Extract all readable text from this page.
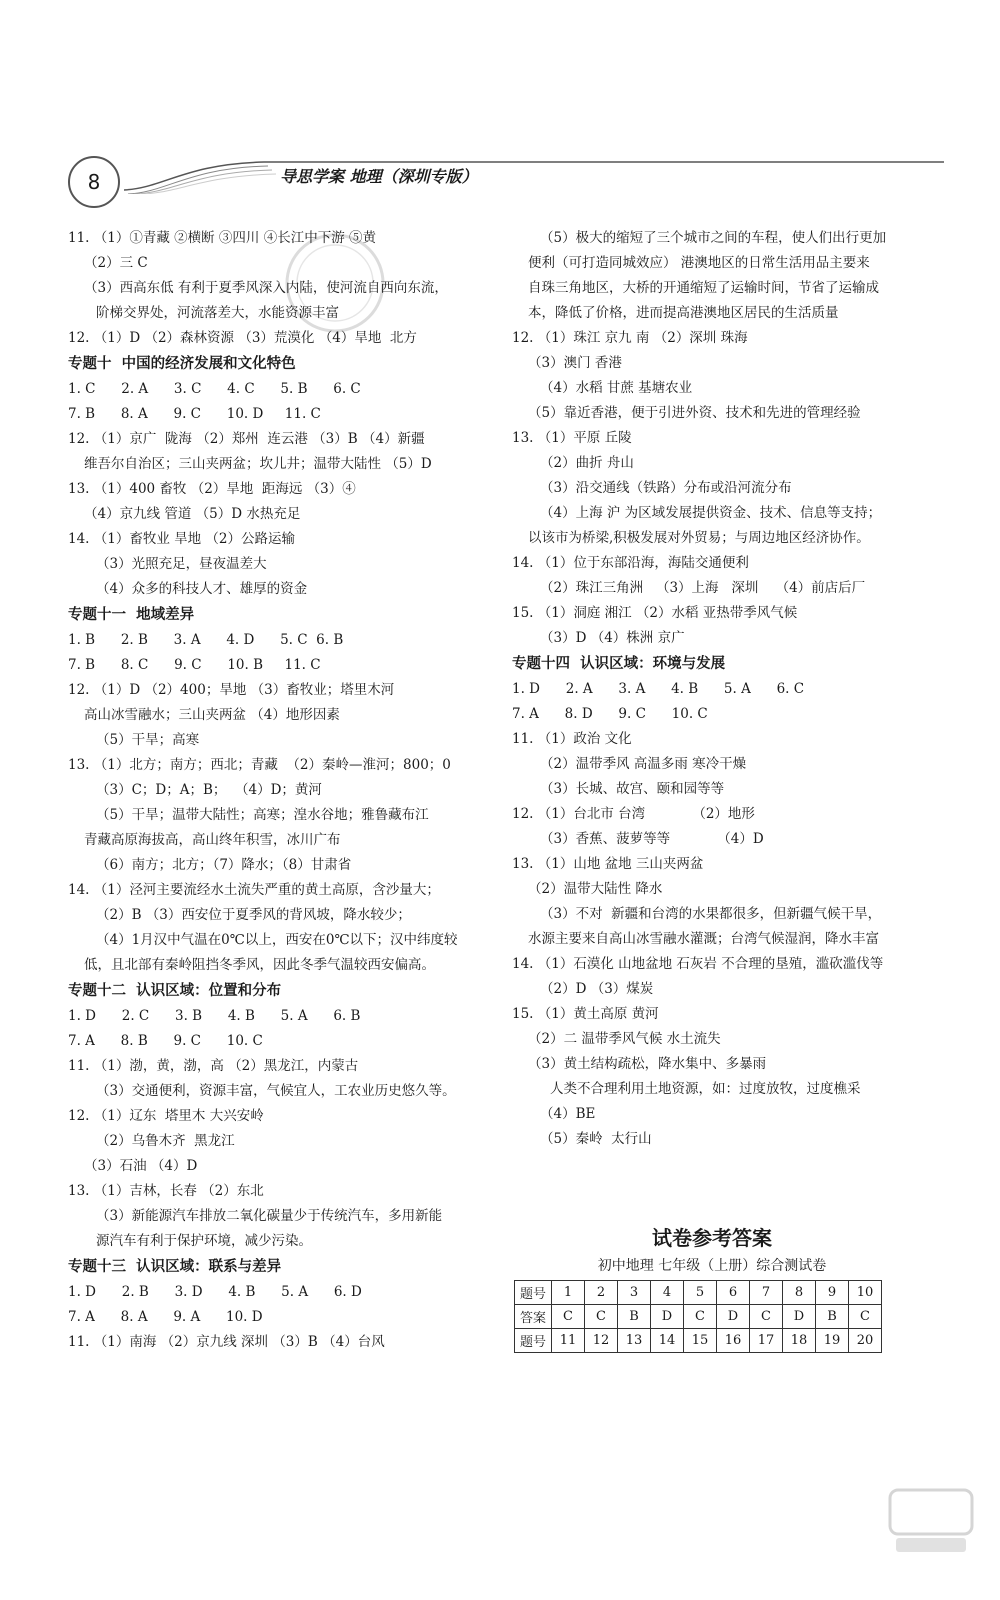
8	导思学案 地理（深圳专版）
11. （1）①青藏 ②横断 ③四川 ④长江中下游 ⑤黄
（2）三 C
（3）西高东低 有利于夏季风深入内陆，使河流自西向东流，
阶梯交界处，河流落差大，水能资源丰富
12. （1）D （2）森林资源 （3）荒漠化 （4）旱地  北方
专题十  中国的经济发展和文化特色
1. C      2. A      3. C      4. C      5. B      6. C
7. B      8. A      9. C      10. D     11. C
12. （1）京广  陇海 （2）郑州  连云港 （3）B （4）新疆
维吾尔自治区；三山夹两盆；坎儿井；温带大陆性 （5）D
13. （1）400 畜牧 （2）旱地  距海远 （3）④
（4）京九线 管道 （5）D 水热充足
14. （1）畜牧业 旱地 （2）公路运输
（3）光照充足，昼夜温差大
（4）众多的科技人才、雄厚的资金
专题十一  地域差异
1. B      2. B      3. A      4. D      5. C  6. B
7. B      8. C      9. C      10. B     11. C
12. （1）D （2）400；旱地 （3）畜牧业；塔里木河
高山冰雪融水；三山夹两盆 （4）地形因素
（5）干旱；高寒
13. （1）北方；南方；西北；青藏  （2）秦岭—淮河；800；0
（3）C；D；A；B；  （4）D；黄河
（5）干旱；温带大陆性；高寒；湟水谷地；雅鲁藏布江
青藏高原海拔高，高山终年积雪，冰川广布
（6）南方；北方；（7）降水；（8）甘肃省
14. （1）泾河主要流经水土流失严重的黄土高原，含沙量大；
（2）B （3）西安位于夏季风的背风坡，降水较少；
（4）1月汉中气温在0℃以上，西安在0℃以下；汉中纬度较
低，且北部有秦岭阻挡冬季风，因此冬季气温较西安偏高。
专题十二  认识区域：位置和分布
1. D      2. C      3. B      4. B      5. A      6. B
7. A      8. B      9. C      10. C
11. （1）渤，黄，渤，高 （2）黑龙江，内蒙古
（3）交通便利，资源丰富，气候宜人，工农业历史悠久等。
12. （1）辽东  塔里木 大兴安岭
（2）乌鲁木齐  黑龙江
（3）石油 （4）D
13. （1）吉林，长春 （2）东北
（3）新能源汽车排放二氧化碳量少于传统汽车，多用新能
源汽车有利于保护环境，减少污染。
专题十三  认识区域：联系与差异
1. D      2. B      3. D      4. B      5. A      6. D
7. A      8. A      9. A      10. D
11. （1）南海 （2）京九线 深圳 （3）B （4）台风
（5）极大的缩短了三个城市之间的车程，使人们出行更加
便利（可打造同城效应） 港澳地区的日常生活用品主要来
自珠三角地区，大桥的开通缩短了运输时间，节省了运输成
本，降低了价格，进而提高港澳地区居民的生活质量
12. （1）珠江 京九 南 （2）深圳 珠海
（3）澳门 香港
（4）水稻 甘蔗 基塘农业
（5）靠近香港，便于引进外资、技术和先进的管理经验
13. （1）平原 丘陵
（2）曲折 舟山
（3）沿交通线（铁路）分布或沿河流分布
（4）上海 沪 为区域发展提供资金、技术、信息等支持；
以该市为桥梁,积极发展对外贸易；与周边地区经济协作。
14. （1）位于东部沿海，海陆交通便利
（2）珠江三角洲   （3）上海   深圳    （4）前店后厂
15. （1）洞庭 湘江 （2）水稻 亚热带季风气候
（3）D （4）株洲 京广
专题十四  认识区域：环境与发展
1. D      2. A      3. A      4. B      5. A      6. C
7. A      8. D      9. C      10. C
11. （1）政治 文化
（2）温带季风 高温多雨 寒冷干燥
（3）长城、故宫、颐和园等等
12. （1）台北市 台湾           （2）地形
（3）香蕉、菠萝等等           （4）D
13. （1）山地 盆地 三山夹两盆
（2）温带大陆性 降水
（3）不对  新疆和台湾的水果都很多，但新疆气候干旱，
水源主要来自高山冰雪融水灌溉；台湾气候湿润，降水丰富
14. （1）石漠化 山地盆地 石灰岩 不合理的垦殖，滥砍滥伐等
（2）D （3）煤炭
15. （1）黄土高原 黄河
（2）二 温带季风气候 水土流失
（3）黄土结构疏松，降水集中、多暴雨
人类不合理利用土地资源，如：过度放牧，过度樵采
（4）BE
（5）秦岭  太行山
试卷参考答案
初中地理 七年级（上册）综合测试卷
题号	1	2	3	4	5	6	7	8	9	10
答案	C	C	B	D	C	D	C	D	B	C
题号	11	12	13	14	15	16	17	18	19	20
